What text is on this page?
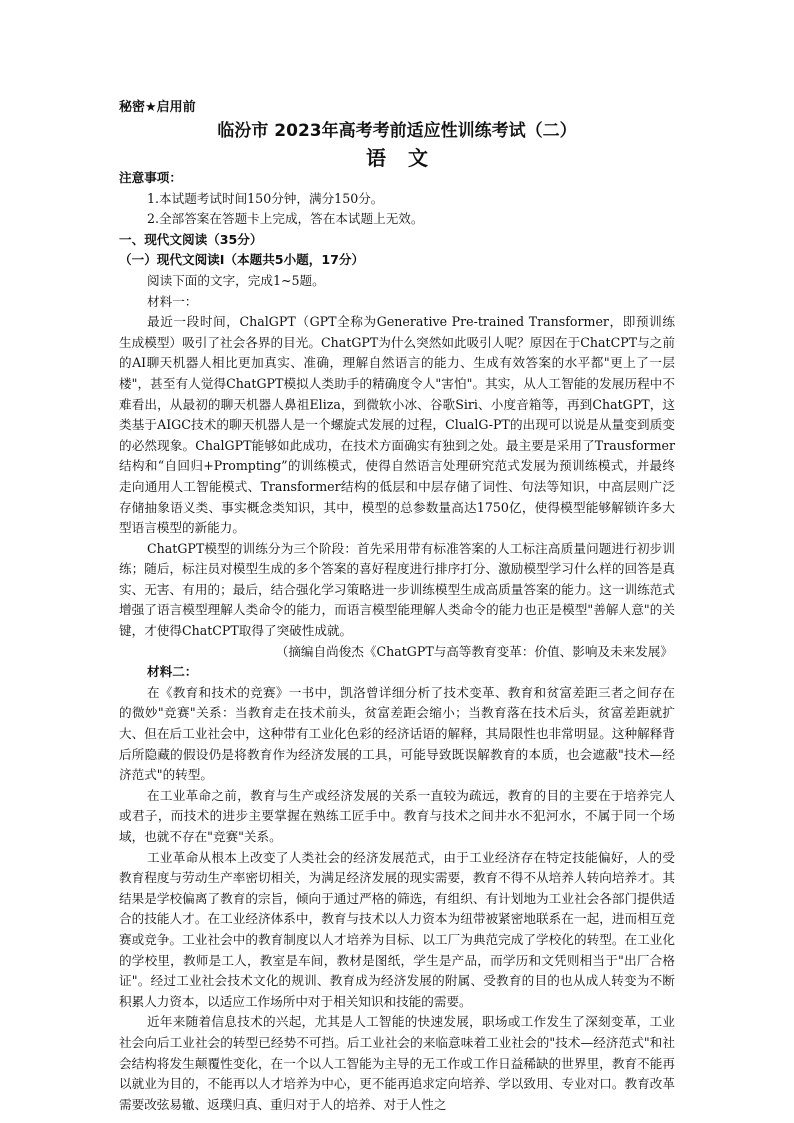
秘密★启用前
临汾市 2023年高考考前适应性训练考试（二）
语文

注意事项：

1.本试题考试时间150分钟，满分150分。

2.全部答案在答题卡上完成，答在本试题上无效。

一、现代文阅读（35分）

（一）现代文阅读Ⅰ（本题共5小题，17分）

阅读下面的文字，完成1~5题。

材料一：

最近一段时间，ChalGPT（GPT全称为Generative Pre-trained Transformer，即预训练生成模型）吸引了社会各界的目光。ChatGPT为什么突然如此吸引人呢？原因在于ChatCPT与之前的AI聊天机器人相比更加真实、准确，理解自然语言的能力、生成有效答案的水平都"更上了一层楼"，甚至有人觉得ChatGPT模拟人类助手的精确度令人"害怕"。其实，从人工智能的发展历程中不难看出，从最初的聊天机器人鼻祖Eliza，到微软小冰、谷歌Siri、小度音箱等，再到ChatGPT，这类基于AIGC技术的聊天机器人是一个螺旋式发展的过程，ClualG-PT的出现可以说是从量变到质变的必然现象。ChalGPT能够如此成功，在技术方面确实有独到之处。最主要是采用了Trausformer结构和“自回归+Prompting”的训练模式，使得自然语言处理研究范式发展为预训练模式，并最终走向通用人工智能模式、Transformer结构的低层和中层存储了词性、句法等知识，中高层则广泛存储抽象语义类、事实概念类知识，其中，模型的总参数量高达1750亿，使得模型能够解锁许多大型语言模型的新能力。

ChatGPT模型的训练分为三个阶段：首先采用带有标准答案的人工标注高质量问题进行初步训练；随后，标注员对模型生成的多个答案的喜好程度进行排序打分、激励模型学习什么样的回答是真实、无害、有用的；最后，结合强化学习策略进一步训练模型生成高质量答案的能力。这一训练范式增强了语言模型理解人类命令的能力，而语言模型能理解人类命令的能力也正是模型"善解人意"的关键，才使得ChatCPT取得了突破性成就。

（摘编自尚俊杰《ChatGPT与高等教育变革：价值、影响及未来发展》

材料二：

在《教育和技术的竞赛》一书中，凯洛曾详细分析了技术变革、教育和贫富差距三者之间存在的微妙"竞赛"关系：当教育走在技术前头，贫富差距会缩小；当教育落在技术后头，贫富差距就扩大、但在后工业社会中，这种带有工业化色彩的经济话语的解释，其局限性也非常明显。这种解释背后所隐藏的假设仍是将教育作为经济发展的工具，可能导致既误解教育的本质，也会遮蔽"技术—经济范式"的转型。

在工业革命之前，教育与生产或经济发展的关系一直较为疏远，教育的目的主要在于培养完人或君子，而技术的进步主要掌握在熟练工匠手中。教育与技术之间井水不犯河水，不属于同一个场域，也就不存在"竞赛"关系。

工业革命从根本上改变了人类社会的经济发展范式，由于工业经济存在特定技能偏好，人的受教育程度与劳动生产率密切相关，为满足经济发展的现实需要，教育不得不从培养人转向培养才。其结果是学校偏离了教育的宗旨，倾向于通过严格的筛选，有组织、有计划地为工业社会各部门提供适合的技能人才。在工业经济体系中，教育与技术以人力资本为纽带被紧密地联系在一起，进而相互竞赛或竞争。工业社会中的教育制度以人才培养为目标、以工厂为典范完成了学校化的转型。在工业化的学校里，教师是工人，教室是车间，教材是图纸，学生是产品，而学历和文凭则相当于"出厂合格证"。经过工业社会技术文化的规训、教育成为经济发展的附属、受教育的目的也从成人转变为不断积累人力资本，以适应工作场所中对于相关知识和技能的需要。

近年来随着信息技术的兴起，尤其是人工智能的快速发展，职场或工作发生了深刻变革，工业社会向后工业社会的转型已经势不可挡。后工业社会的来临意味着工业社会的"技术—经济范式"和社会结构将发生颠覆性变化，在一个以人工智能为主导的无工作或工作日益稀缺的世界里，教育不能再以就业为目的，不能再以人才培养为中心，更不能再追求定向培养、学以致用、专业对口。教育改革需要改弦易辙、返璞归真、重归对于人的培养、对于人性之
